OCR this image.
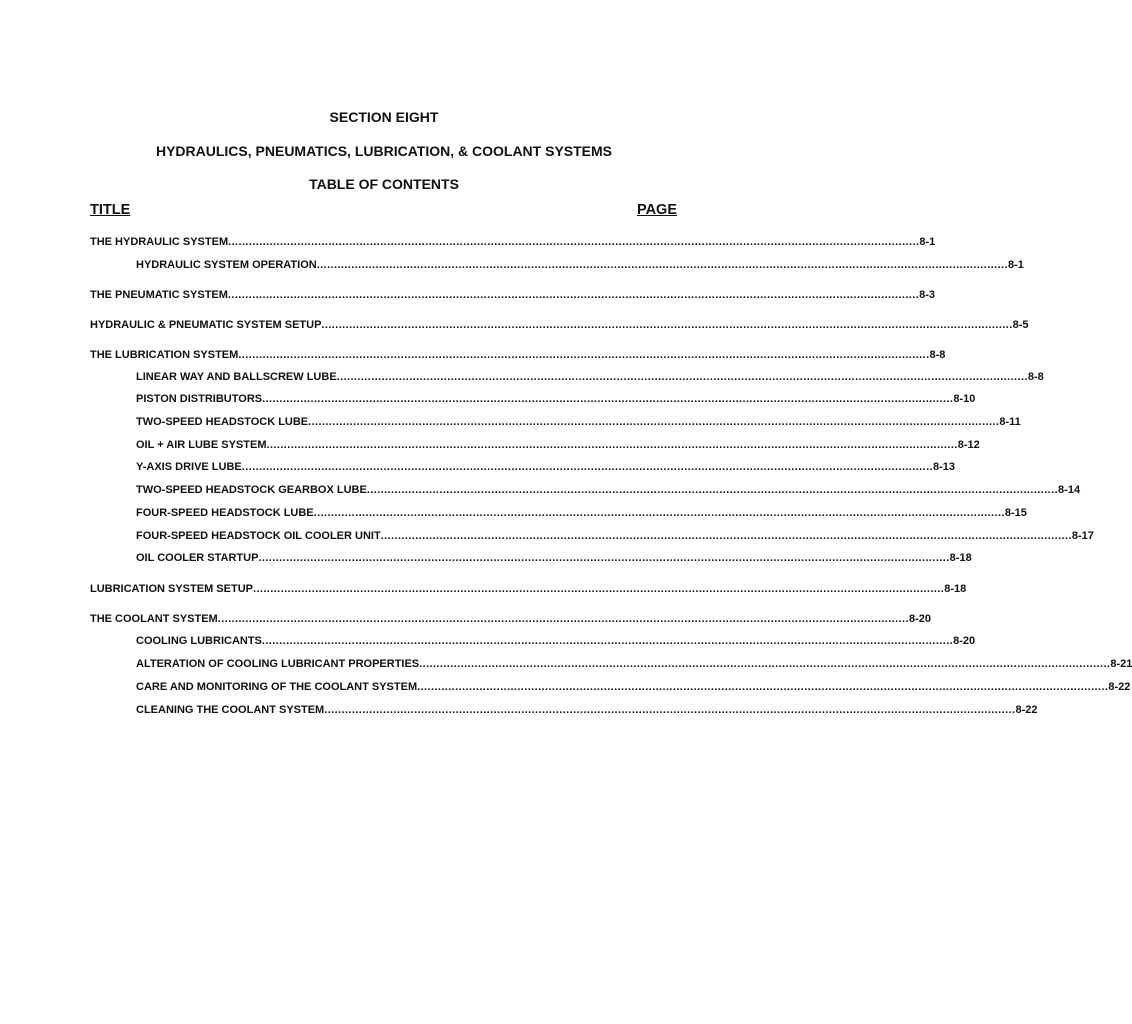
SECTION EIGHT
HYDRAULICS, PNEUMATICS, LUBRICATION, & COOLANT SYSTEMS
TABLE OF CONTENTS
TITLE	PAGE
THE HYDRAULIC SYSTEM ........................................................................................................................................................................................................ 8-1
HYDRAULIC SYSTEM OPERATION ........................................................................................................................................................................................................ 8-1
THE PNEUMATIC SYSTEM ........................................................................................................................................................................................................ 8-3
HYDRAULIC & PNEUMATIC SYSTEM SETUP ........................................................................................................................................................................................................ 8-5
THE LUBRICATION SYSTEM ........................................................................................................................................................................................................ 8-8
LINEAR WAY AND BALLSCREW LUBE ........................................................................................................................................................................................................ 8-8
PISTON DISTRIBUTORS ........................................................................................................................................................................................................ 8-10
TWO-SPEED HEADSTOCK LUBE ........................................................................................................................................................................................................ 8-11
OIL + AIR LUBE SYSTEM ........................................................................................................................................................................................................ 8-12
Y-AXIS DRIVE LUBE ........................................................................................................................................................................................................ 8-13
TWO-SPEED HEADSTOCK GEARBOX LUBE ........................................................................................................................................................................................................ 8-14
FOUR-SPEED HEADSTOCK LUBE ........................................................................................................................................................................................................ 8-15
FOUR-SPEED HEADSTOCK OIL COOLER UNIT ........................................................................................................................................................................................................ 8-17
OIL COOLER STARTUP ........................................................................................................................................................................................................ 8-18
LUBRICATION SYSTEM SETUP ........................................................................................................................................................................................................ 8-18
THE COOLANT SYSTEM ........................................................................................................................................................................................................ 8-20
COOLING LUBRICANTS ........................................................................................................................................................................................................ 8-20
ALTERATION OF COOLING LUBRICANT PROPERTIES ........................................................................................................................................................................................................ 8-21
CARE AND MONITORING OF THE COOLANT SYSTEM ........................................................................................................................................................................................................ 8-22
CLEANING THE COOLANT SYSTEM ........................................................................................................................................................................................................ 8-22
